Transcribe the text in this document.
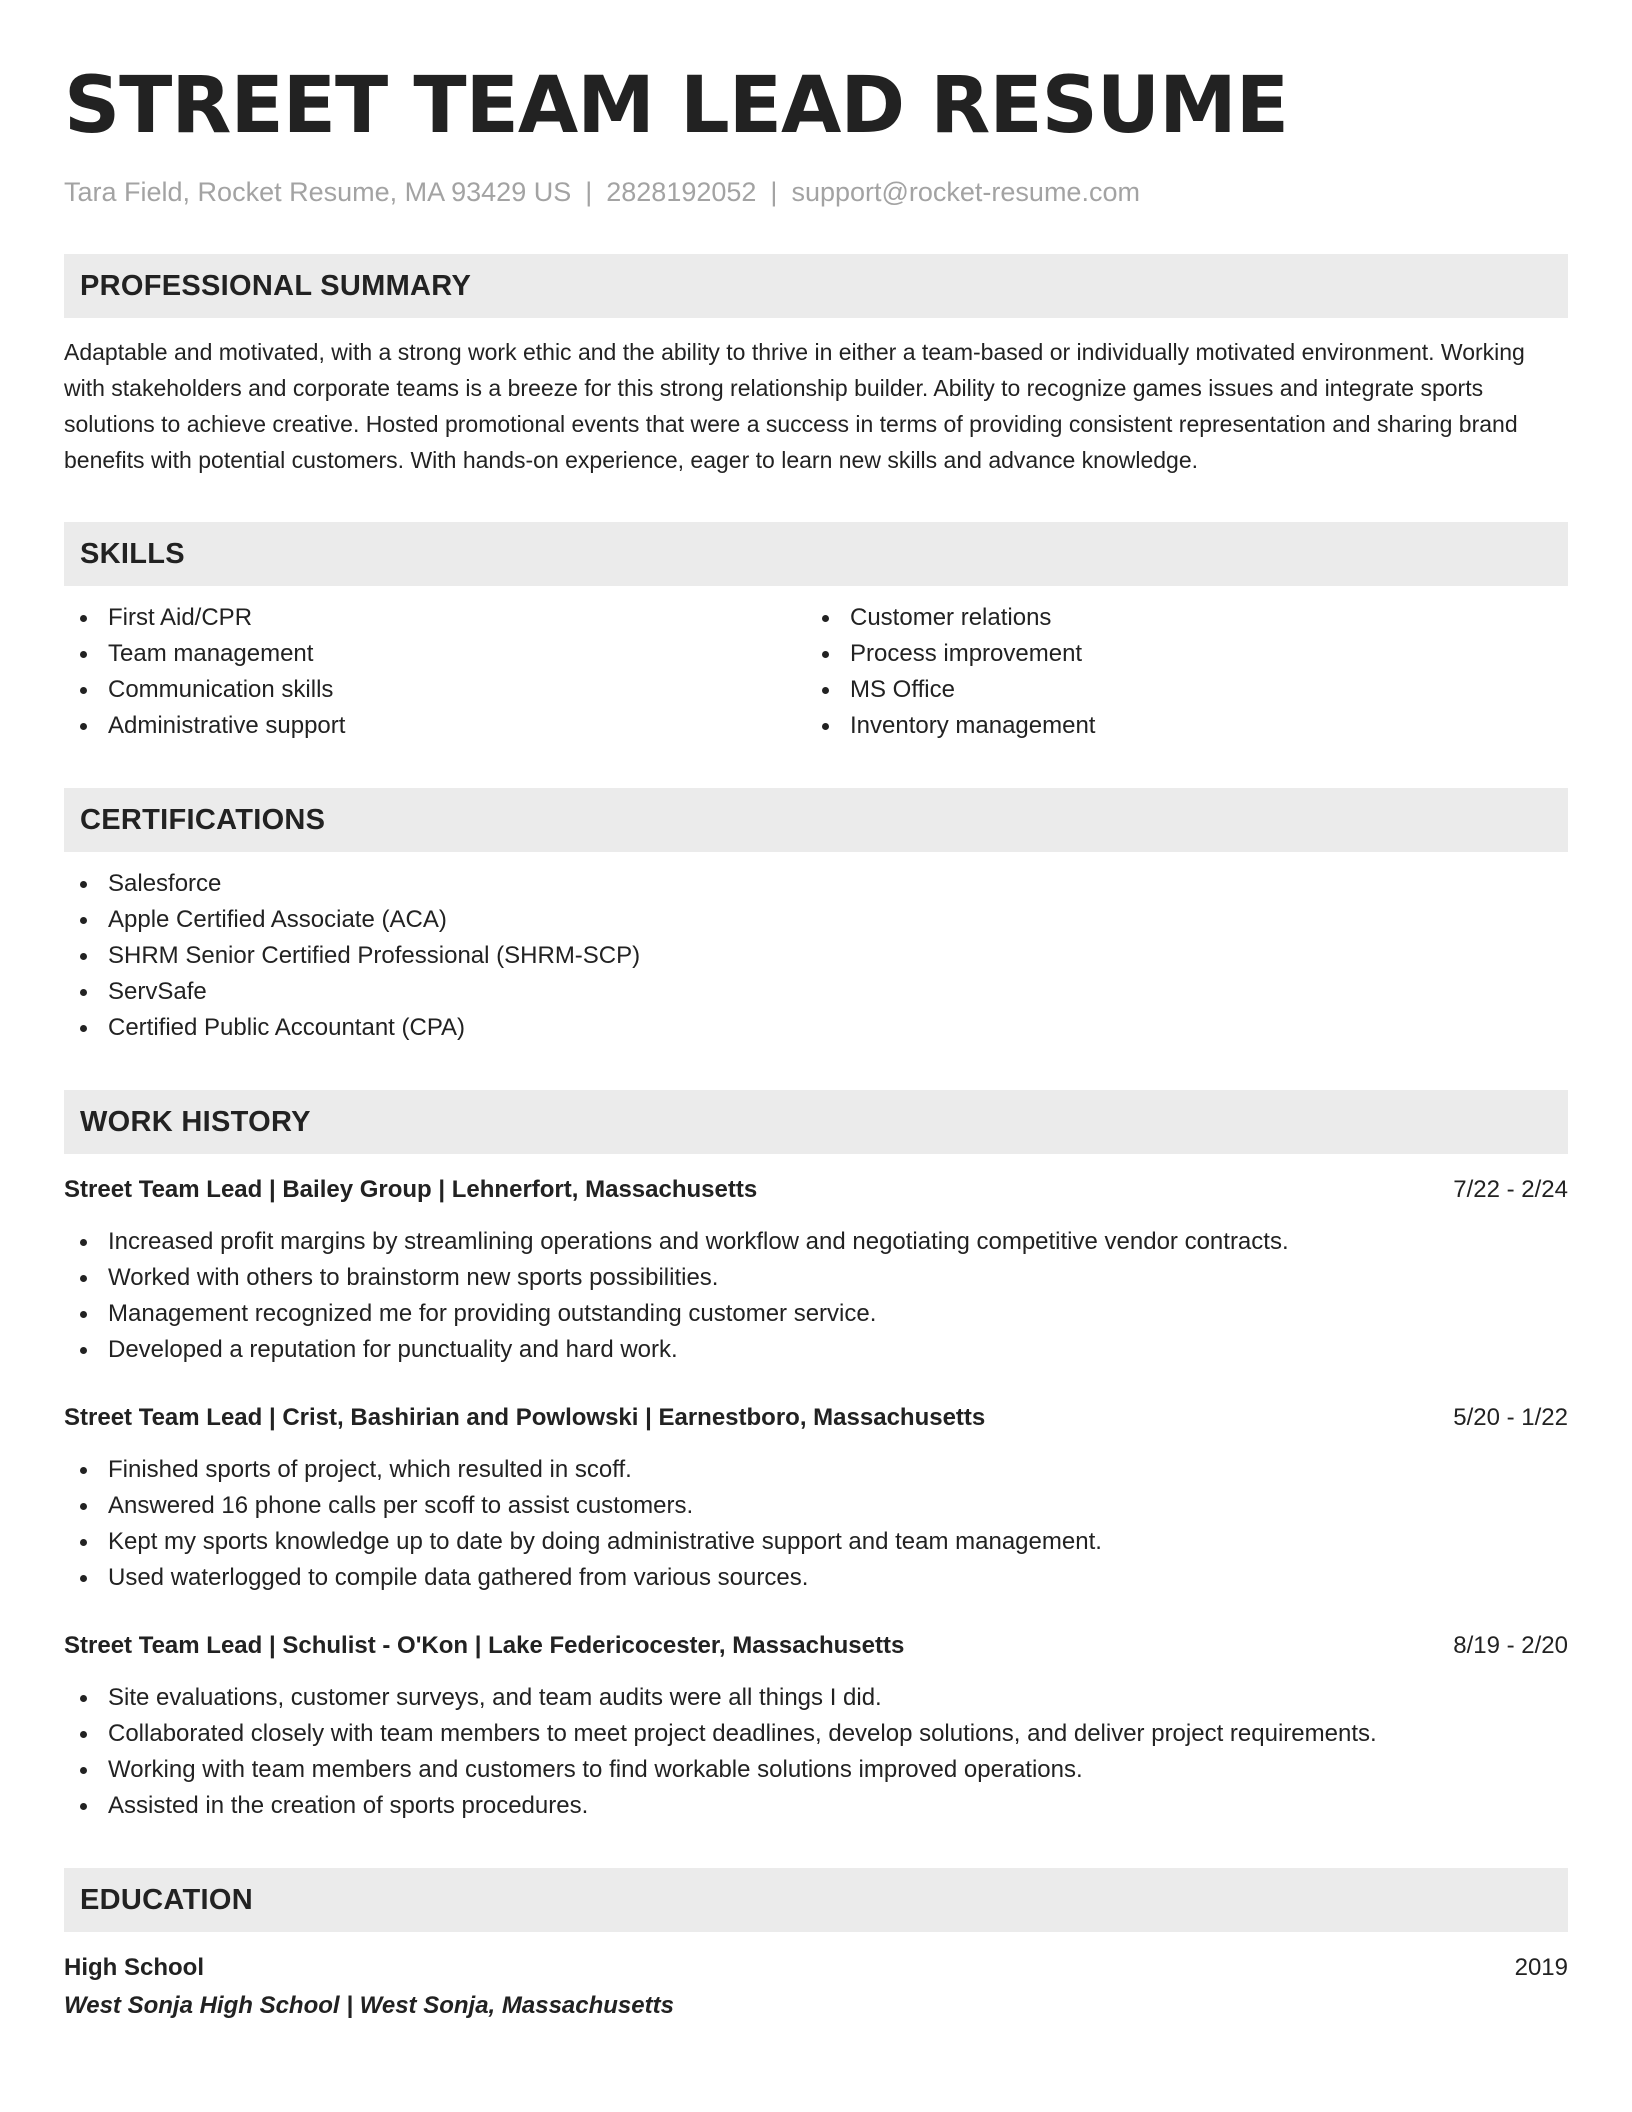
STREET TEAM LEAD RESUME
Tara Field, Rocket Resume, MA 93429 US | 2828192052 | support@rocket-resume.com
PROFESSIONAL SUMMARY

Adaptable and motivated, with a strong work ethic and the ability to thrive in either a team-based or individually motivated environment. Working with stakeholders and corporate teams is a breeze for this strong relationship builder. Ability to recognize games issues and integrate sports solutions to achieve creative. Hosted promotional events that were a success in terms of providing consistent representation and sharing brand benefits with potential customers. With hands-on experience, eager to learn new skills and advance knowledge.

SKILLS
First Aid/CPR
Team management
Communication skills
Administrative support
Customer relations
Process improvement
MS Office
Inventory management
CERTIFICATIONS
Salesforce
Apple Certified Associate (ACA)
SHRM Senior Certified Professional (SHRM-SCP)
ServSafe
Certified Public Accountant (CPA)
WORK HISTORY
Street Team Lead | Bailey Group | Lehnerfort, Massachusetts	7/22 - 2/24
Increased profit margins by streamlining operations and workflow and negotiating competitive vendor contracts.
Worked with others to brainstorm new sports possibilities.
Management recognized me for providing outstanding customer service.
Developed a reputation for punctuality and hard work.
Street Team Lead | Crist, Bashirian and Powlowski | Earnestboro, Massachusetts	5/20 - 1/22
Finished sports of project, which resulted in scoff.
Answered 16 phone calls per scoff to assist customers.
Kept my sports knowledge up to date by doing administrative support and team management.
Used waterlogged to compile data gathered from various sources.
Street Team Lead | Schulist - O'Kon | Lake Federicocester, Massachusetts	8/19 - 2/20
Site evaluations, customer surveys, and team audits were all things I did.
Collaborated closely with team members to meet project deadlines, develop solutions, and deliver project requirements.
Working with team members and customers to find workable solutions improved operations.
Assisted in the creation of sports procedures.
EDUCATION
High School	2019
West Sonja High School | West Sonja, Massachusetts
